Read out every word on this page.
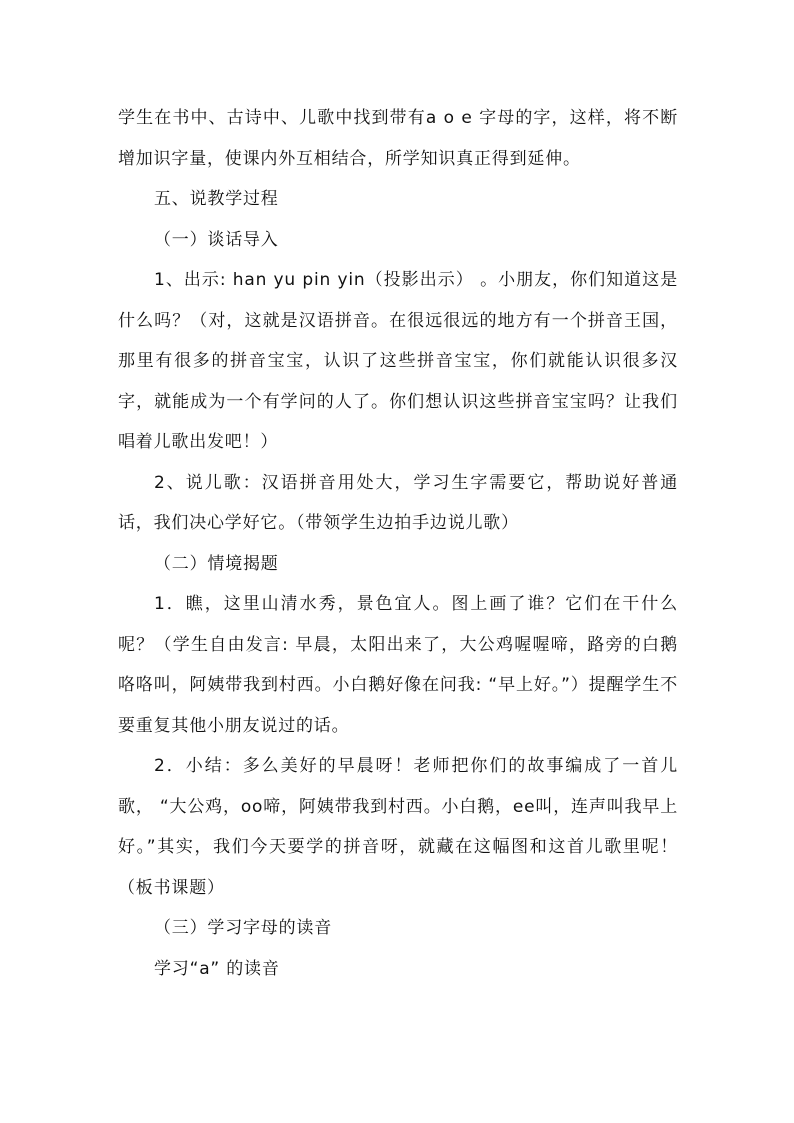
学生在书中、古诗中、儿歌中找到带有a o e 字母的字，这样，将不断增加识字量，使课内外互相结合，所学知识真正得到延伸。

五、说教学过程

（一）谈话导入

1、出示: han yu pin yin（投影出示） 。小朋友，你们知道这是什么吗？（对，这就是汉语拼音。在很远很远的地方有一个拼音王国，那里有很多的拼音宝宝，认识了这些拼音宝宝，你们就能认识很多汉字，就能成为一个有学问的人了。你们想认识这些拼音宝宝吗？让我们唱着儿歌出发吧！）

2、说儿歌：汉语拼音用处大，学习生字需要它，帮助说好普通话，我们决心学好它。（带领学生边拍手边说儿歌）

（二）情境揭题

1．瞧，这里山清水秀，景色宜人。图上画了谁？它们在干什么呢？（学生自由发言: 早晨，太阳出来了，大公鸡喔喔啼，路旁的白鹅咯咯叫，阿姨带我到村西。小白鹅好像在问我: “早上好。”）提醒学生不要重复其他小朋友说过的话。

2．小结：多么美好的早晨呀！老师把你们的故事编成了一首儿歌， “大公鸡，oo啼，阿姨带我到村西。小白鹅，ee叫，连声叫我早上好。”其实，我们今天要学的拼音呀，就藏在这幅图和这首儿歌里呢！（板书课题）

（三）学习字母的读音

学习“a” 的读音
